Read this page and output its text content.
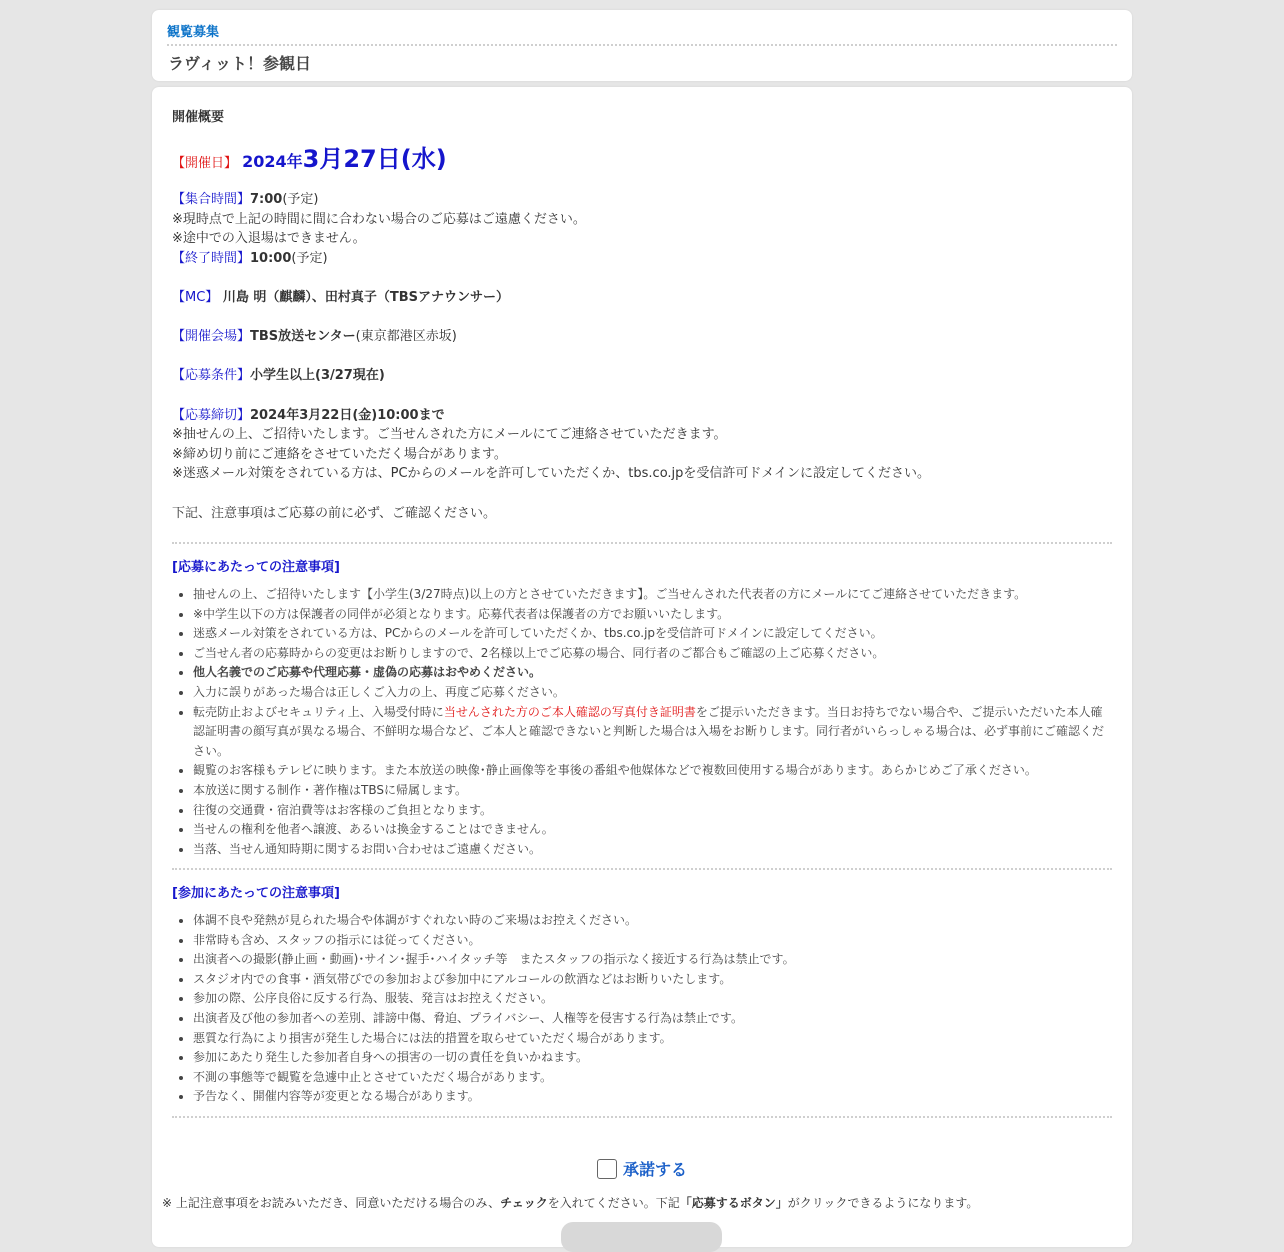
観覧募集
ラヴィット！参観日
開催概要
【開催日】 2024年3月27日(水)
【集合時間】7:00(予定)
※現時点で上記の時間に間に合わない場合のご応募はご遠慮ください。
※途中での入退場はできません。
【終了時間】10:00(予定)
【MC】 川島 明（麒麟）、田村真子（TBSアナウンサー）
【開催会場】TBS放送センター(東京都港区赤坂)
【応募条件】小学生以上(3/27現在)
【応募締切】2024年3月22日(金)10:00まで
※抽せんの上、ご招待いたします。ご当せんされた方にメールにてご連絡させていただきます。
※締め切り前にご連絡をさせていただく場合があります。
※迷惑メール対策をされている方は、PCからのメールを許可していただくか、tbs.co.jpを受信許可ドメインに設定してください。
下記、注意事項はご応募の前に必ず、ご確認ください。
[応募にあたっての注意事項]
• 抽せんの上、ご招待いたします【小学生(3/27時点)以上の方とさせていただきます】。ご当せんされた代表者の方にメールにてご連絡させていただきます。
• ※中学生以下の方は保護者の同伴が必須となります。応募代表者は保護者の方でお願いいたします。
• 迷惑メール対策をされている方は、PCからのメールを許可していただくか、tbs.co.jpを受信許可ドメインに設定してください。
• ご当せん者の応募時からの変更はお断りしますので、2名様以上でご応募の場合、同行者のご都合もご確認の上ご応募ください。
• 他人名義でのご応募や代理応募・虚偽の応募はおやめください。
• 入力に誤りがあった場合は正しくご入力の上、再度ご応募ください。
• 転売防止およびセキュリティ上、入場受付時に当せんされた方のご本人確認の写真付き証明書をご提示いただきます。当日お持ちでない場合や、ご提示いただいた本人確認証明書の顔写真が異なる場合、不鮮明な場合など、ご本人と確認できないと判断した場合は入場をお断りします。同行者がいらっしゃる場合は、必ず事前にご確認ください。
• 観覧のお客様もテレビに映ります。また本放送の映像･静止画像等を事後の番組や他媒体などで複数回使用する場合があります。あらかじめご了承ください。
• 本放送に関する制作・著作権はTBSに帰属します。
• 往復の交通費・宿泊費等はお客様のご負担となります。
• 当せんの権利を他者へ譲渡、あるいは換金することはできません。
• 当落、当せん通知時期に関するお問い合わせはご遠慮ください。
[参加にあたっての注意事項]
• 体調不良や発熱が見られた場合や体調がすぐれない時のご来場はお控えください。
• 非常時も含め、スタッフの指示には従ってください。
• 出演者への撮影(静止画・動画)･サイン･握手･ハイタッチ等　またスタッフの指示なく接近する行為は禁止です。
• スタジオ内での食事・酒気帯びでの参加および参加中にアルコールの飲酒などはお断りいたします。
• 参加の際、公序良俗に反する行為、服装、発言はお控えください。
• 出演者及び他の参加者への差別、誹謗中傷、脅迫、プライバシー、人権等を侵害する行為は禁止です。
• 悪質な行為により損害が発生した場合には法的措置を取らせていただく場合があります。
• 参加にあたり発生した参加者自身への損害の一切の責任を負いかねます。
• 不測の事態等で観覧を急遽中止とさせていただく場合があります。
• 予告なく、開催内容等が変更となる場合があります。
承諾する
※ 上記注意事項をお読みいただき、同意いただける場合のみ、チェックを入れてください。下記「応募するボタン」がクリックできるようになります。
